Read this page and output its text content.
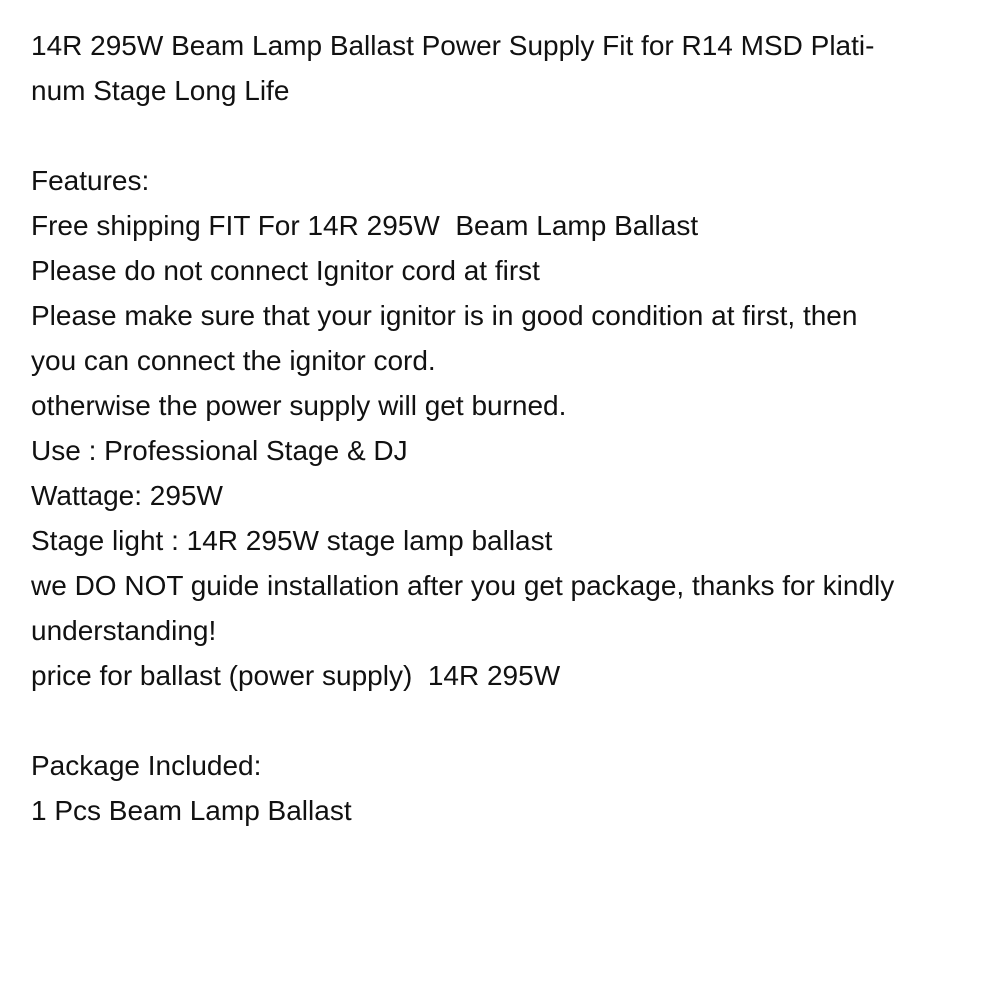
14R 295W Beam Lamp Ballast Power Supply Fit for R14 MSD Plati-
num Stage Long Life
Features:
Free shipping FIT For 14R 295W  Beam Lamp Ballast
Please do not connect Ignitor cord at first
Please make sure that your ignitor is in good condition at first, then
you can connect the ignitor cord.
otherwise the power supply will get burned.
Use : Professional Stage & DJ
Wattage: 295W
Stage light : 14R 295W stage lamp ballast
we DO NOT guide installation after you get package, thanks for kindly
understanding!
price for ballast (power supply)  14R 295W
Package Included:
1 Pcs Beam Lamp Ballast
